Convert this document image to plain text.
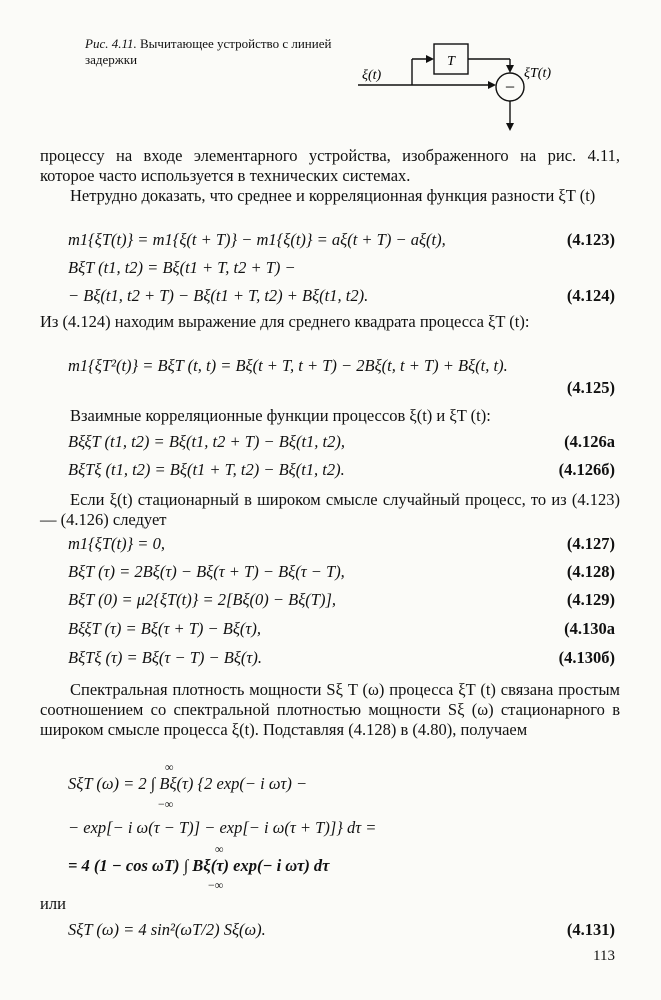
Рис. 4.11. Вычитающее устройство с линией задержки	T
−
ξ(t)	ξT(t)
процессу на входе элементарного устройства, изображенного на рис. 4.11, которое часто используется в технических системах.
Нетрудно доказать, что среднее и корреляционная функция разности ξT (t)
m1{ξT(t)} = m1{ξ(t + T)} − m1{ξ(t)} = aξ(t + T) − aξ(t),	(4.123)
BξT (t1, t2) = Bξ(t1 + T, t2 + T) −
− Bξ(t1, t2 + T) − Bξ(t1 + T, t2) + Bξ(t1, t2).	(4.124)
Из (4.124) находим выражение для среднего квадрата процесса ξT (t):
m1{ξT²(t)} = BξT (t, t) = Bξ(t + T, t + T) − 2Bξ(t, t + T) + Bξ(t, t).
(4.125)
Взаимные корреляционные функции процессов ξ(t) и ξT (t):
BξξT (t1, t2) = Bξ(t1, t2 + T) − Bξ(t1, t2),	(4.126а
BξTξ (t1, t2) = Bξ(t1 + T, t2) − Bξ(t1, t2).	(4.126б)
Если ξ(t) стационарный в широком смысле случайный процесс, то из (4.123) — (4.126) следует
m1{ξT(t)} = 0,	(4.127)
BξT (τ) = 2Bξ(τ) − Bξ(τ + T) − Bξ(τ − T),	(4.128)
BξT (0) = μ2{ξT(t)} = 2[Bξ(0) − Bξ(T)],	(4.129)
BξξT (τ) = Bξ(τ + T) − Bξ(τ),	(4.130а
BξTξ (τ) = Bξ(τ − T) − Bξ(τ).	(4.130б)
Спектральная плотность мощности Sξ T (ω) процесса ξT (t) связана простым соотношением со спектральной плотностью мощности Sξ (ω) стационарного в широком смысле процесса ξ(t). Подставляя (4.128) в (4.80), получаем
∞
SξT (ω) = 2 ∫ Bξ(τ) {2 exp(− i ωτ) −
−∞
− exp[− i ω(τ − T)] − exp[− i ω(τ + T)]} dτ =
∞
= 4 (1 − cos ωT) ∫ Bξ(τ) exp(− i ωτ) dτ
−∞
или
SξT (ω) = 4 sin²(ωT/2) Sξ(ω).	(4.131)
113
